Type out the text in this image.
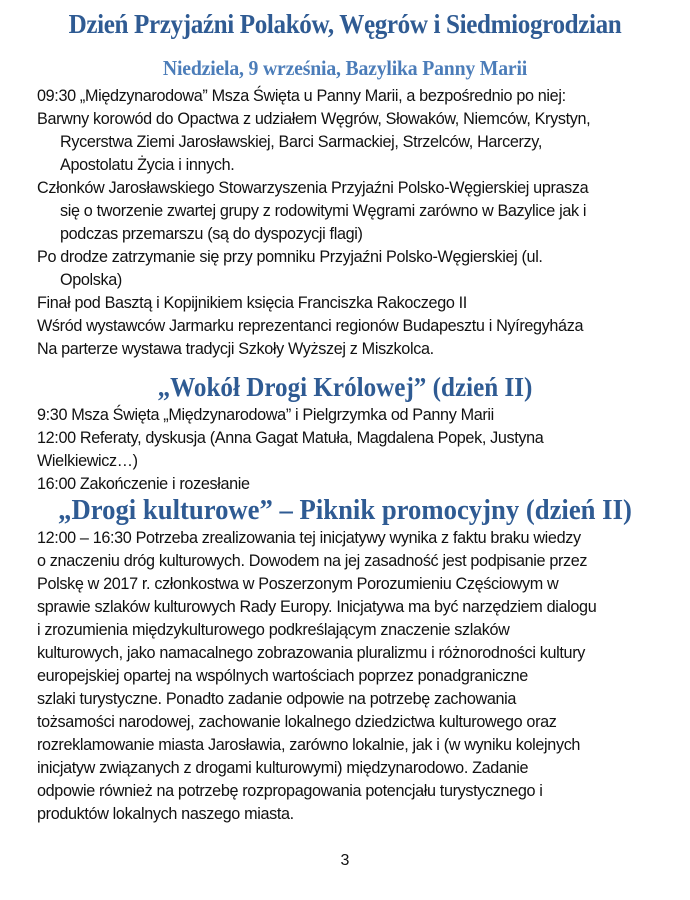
Dzień Przyjaźni Polaków, Węgrów i Siedmiogrodzian
Niedziela, 9 września, Bazylika Panny Marii

09:30 „Międzynarodowa” Msza Święta u Panny Marii, a bezpośrednio po niej:

Barwny korowód do Opactwa z udziałem Węgrów, Słowaków, Niemców, Krystyn,

Rycerstwa Ziemi Jarosławskiej, Barci Sarmackiej, Strzelców, Harcerzy,

Apostolatu Życia i innych.

Członków Jarosławskiego Stowarzyszenia Przyjaźni Polsko-Węgierskiej uprasza

się o tworzenie zwartej grupy z rodowitymi Węgrami zarówno w Bazylice jak i

podczas przemarszu (są do dyspozycji flagi)

Po drodze zatrzymanie się przy pomniku Przyjaźni Polsko-Węgierskiej (ul.

Opolska)

Finał pod Basztą i Kopijnikiem księcia Franciszka Rakoczego II

Wśród wystawców Jarmarku reprezentanci regionów Budapesztu i Nyíregyháza

Na parterze wystawa tradycji Szkoły Wyższej z Miszkolca.

„Wokół Drogi Królowej” (dzień II)

9:30 Msza Święta „Międzynarodowa” i Pielgrzymka od Panny Marii

12:00 Referaty, dyskusja (Anna Gagat Matuła, Magdalena Popek, Justyna

Wielkiewicz…)

16:00 Zakończenie i rozesłanie

„Drogi kulturowe” – Piknik promocyjny (dzień II)

12:00 – 16:30 Potrzeba zrealizowania tej inicjatywy wynika z faktu braku wiedzy

o znaczeniu dróg kulturowych. Dowodem na jej zasadność jest podpisanie przez

Polskę w 2017 r. członkostwa w Poszerzonym Porozumieniu Częściowym w

sprawie szlaków kulturowych Rady Europy. Inicjatywa ma być narzędziem dialogu

i zrozumienia międzykulturowego podkreślającym znaczenie szlaków

kulturowych, jako namacalnego zobrazowania pluralizmu i różnorodności kultury

europejskiej opartej na wspólnych wartościach poprzez ponadgraniczne

szlaki turystyczne. Ponadto zadanie odpowie na potrzebę zachowania

tożsamości narodowej, zachowanie lokalnego dziedzictwa kulturowego oraz

rozreklamowanie miasta Jarosławia, zarówno lokalnie, jak i (w wyniku kolejnych

inicjatyw związanych z drogami kulturowymi) międzynarodowo. Zadanie

odpowie również na potrzebę rozpropagowania potencjału turystycznego i

produktów lokalnych naszego miasta.

3
